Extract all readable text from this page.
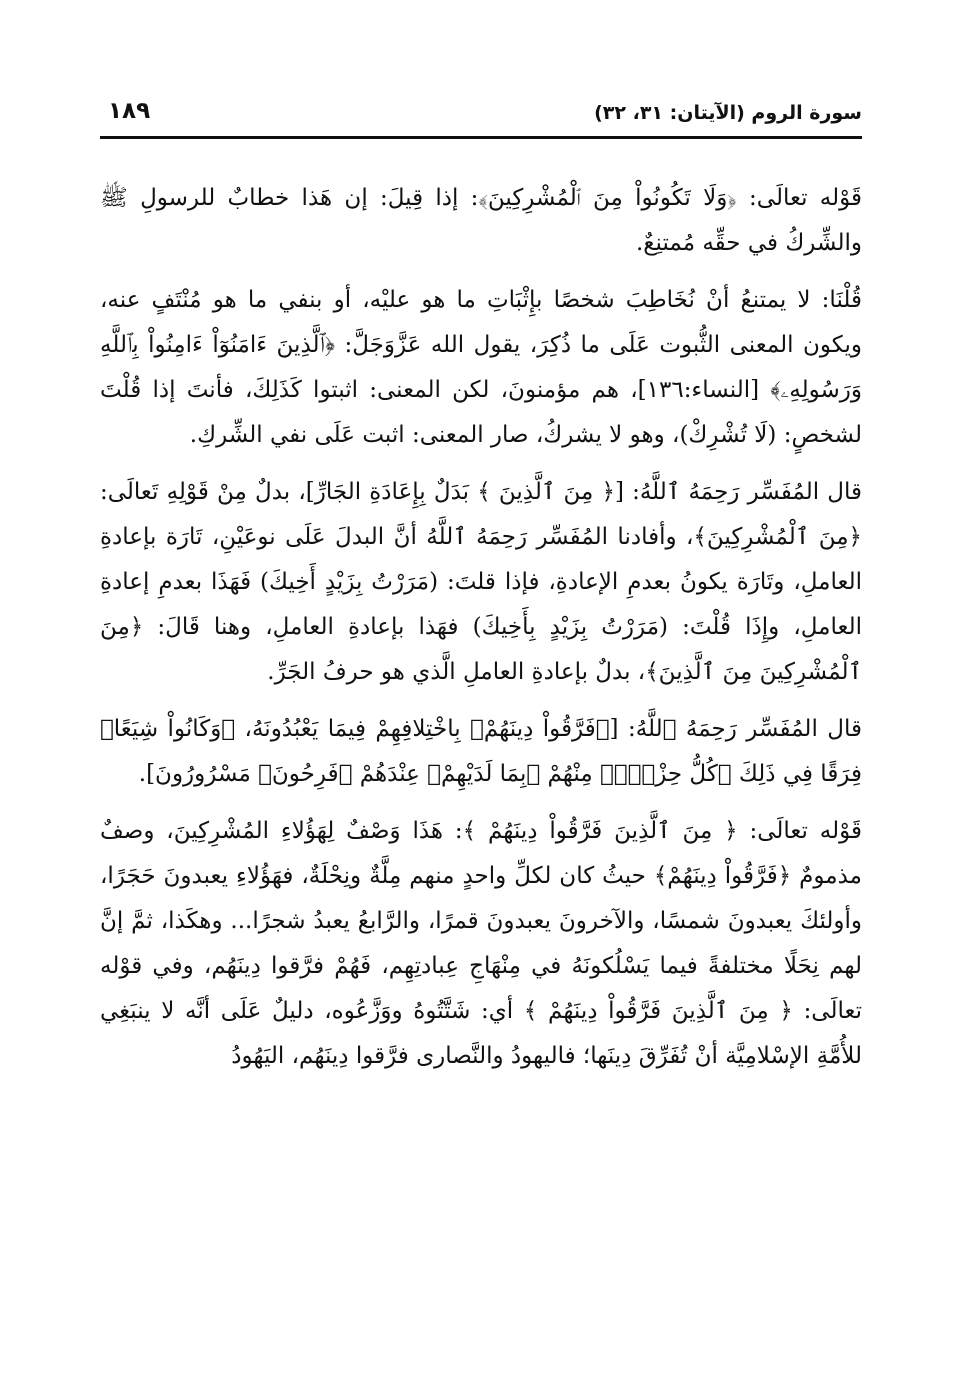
سورة الروم (الآيتان: ٣١، ٣٢)
١٨٩

قَوْله تعالَى: ﴿وَلَا تَكُونُواْ مِنَ ٱلْمُشْرِكِينَ﴾: إذا قِيلَ: إن هَذا خطابٌ للرسولِ ﷺ والشِّركُ في حقِّه مُمتنِعٌ.

قُلْنَا: لا يمتنعُ أنْ نُخَاطِبَ شخصًا بإِثْبَاتِ ما هو عليْه، أو بنفي ما هو مُنْتَفٍ عنه، ويكون المعنى الثُّبوت عَلَى ما ذُكِرَ، يقول الله عَزَّوَجَلَّ: ﴿ٱلَّذِينَ ءَامَنُوٓاْ ءَامِنُواْ بِٱللَّهِ وَرَسُولِهِۦ﴾ [النساء:١٣٦]، هم مؤمنونَ، لكن المعنى: اثبتوا كَذَلِكَ، فأنتَ إذا قُلْتَ لشخصٍ: (لَا تُشْرِكْ)، وهو لا يشركُ، صار المعنى: اثبت عَلَى نفي الشِّركِ.

قال المُفَسِّر رَحِمَهُ ٱللَّهُ: [﴿ مِنَ ٱلَّذِينَ ﴾ بَدَلٌ بِإِعَادَةِ الجَارِّ]، بدلٌ مِنْ قَوْلِهِ تَعالَى: ﴿مِنَ ٱلْمُشْرِكِينَ﴾، وأفادنا المُفَسِّر رَحِمَهُ ٱللَّهُ أنَّ البدلَ عَلَى نوعَيْنِ، تَارَة بإعادةِ العاملِ، وتَارَة يكونُ بعدمِ الإعادةِ، فإذا قلتَ: (مَرَرْتُ بِزَيْدٍ أَخِيكَ) فَهَذَا بعدمِ إعادةِ العاملِ، وإِذَا قُلْتَ: (مَرَرْتُ بِزَيْدٍ بِأَخِيكَ) فهَذا بإعادةِ العاملِ، وهنا قَالَ: ﴿مِنَ ٱلْمُشْرِكِينَ مِنَ ٱلَّذِينَ﴾، بدلٌ بإعادةِ العاملِ الَّذي هو حرفُ الجَرِّ.

قال المُفَسِّر رَحِمَهُ ٱللَّهُ: [﴿فَرَّقُواْ دِينَهُمْ﴾ بِاخْتِلافِهِمْ فِيمَا يَعْبُدُونَهُ، ﴿وَكَانُواْ شِيَعًا﴾ فِرَقًا فِي ذَلِكَ ﴿كُلُّ حِزْبِۢ﴾ مِنْهُمْ ﴿بِمَا لَدَيْهِمْ﴾ عِنْدَهُمْ ﴿فَرِحُونَ﴾ مَسْرُورُونَ].

قَوْله تعالَى: ﴿ مِنَ ٱلَّذِينَ فَرَّقُواْ دِينَهُمْ ﴾: هَذَا وَصْفٌ لِهَؤُلاءِ المُشْرِكِينَ، وصفٌ مذمومٌ ﴿فَرَّقُواْ دِينَهُمْ﴾ حيثُ كان لكلِّ واحدٍ منهم مِلَّةٌ ونِحْلَةٌ، فهَؤُلاءِ يعبدونَ حَجَرًا، وأولئكَ يعبدونَ شمسًا، والآخرونَ يعبدونَ قمرًا، والرَّابعُ يعبدُ شجرًا... وهكَذا، ثمَّ إنَّ لهم نِحَلًا مختلفةً فيما يَسْلُكونَهُ في مِنْهَاجِ عِبادتِهِم، فَهُمْ فرَّقوا دِينَهُم، وفي قوْله تعالَى: ﴿ مِنَ ٱلَّذِينَ فَرَّقُواْ دِينَهُمْ ﴾ أي: شَتَّتُوهُ ووَزَّعُوه، دليلٌ عَلَى أنَّه لا ينبَغِي للأُمَّةِ الإسْلامِيَّة أنْ تُفَرِّقَ دِينَها؛ فاليهودُ والنَّصارى فرَّقوا دِينَهُم، اليَهُودُ
